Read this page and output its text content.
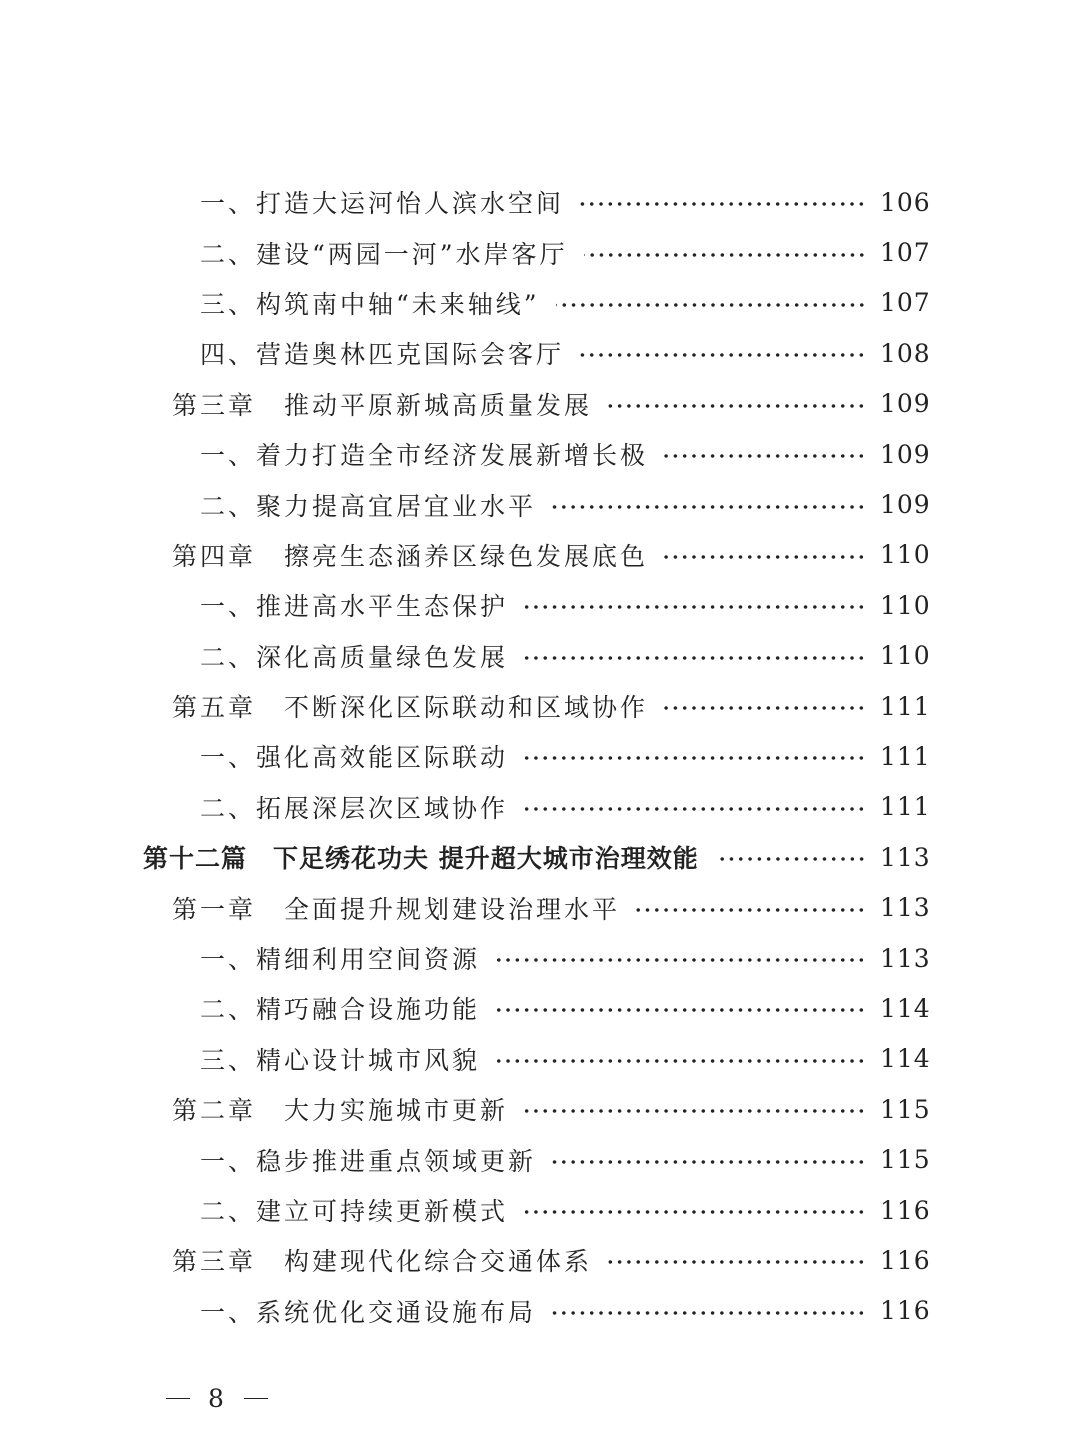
一、打造大运河怡人滨水空间	106
二、建设“两园一河”水岸客厅	107
三、构筑南中轴“未来轴线”	107
四、营造奥林匹克国际会客厅	108
第三章　推动平原新城高质量发展	109
一、着力打造全市经济发展新增长极	109
二、聚力提高宜居宜业水平	109
第四章　擦亮生态涵养区绿色发展底色	110
一、推进高水平生态保护	110
二、深化高质量绿色发展	110
第五章　不断深化区际联动和区域协作	111
一、强化高效能区际联动	111
二、拓展深层次区域协作	111
第十二篇　下足绣花功夫 提升超大城市治理效能	113
第一章　全面提升规划建设治理水平	113
一、精细利用空间资源	113
二、精巧融合设施功能	114
三、精心设计城市风貌	114
第二章　大力实施城市更新	115
一、稳步推进重点领域更新	115
二、建立可持续更新模式	116
第三章　构建现代化综合交通体系	116
一、系统优化交通设施布局	116
8
